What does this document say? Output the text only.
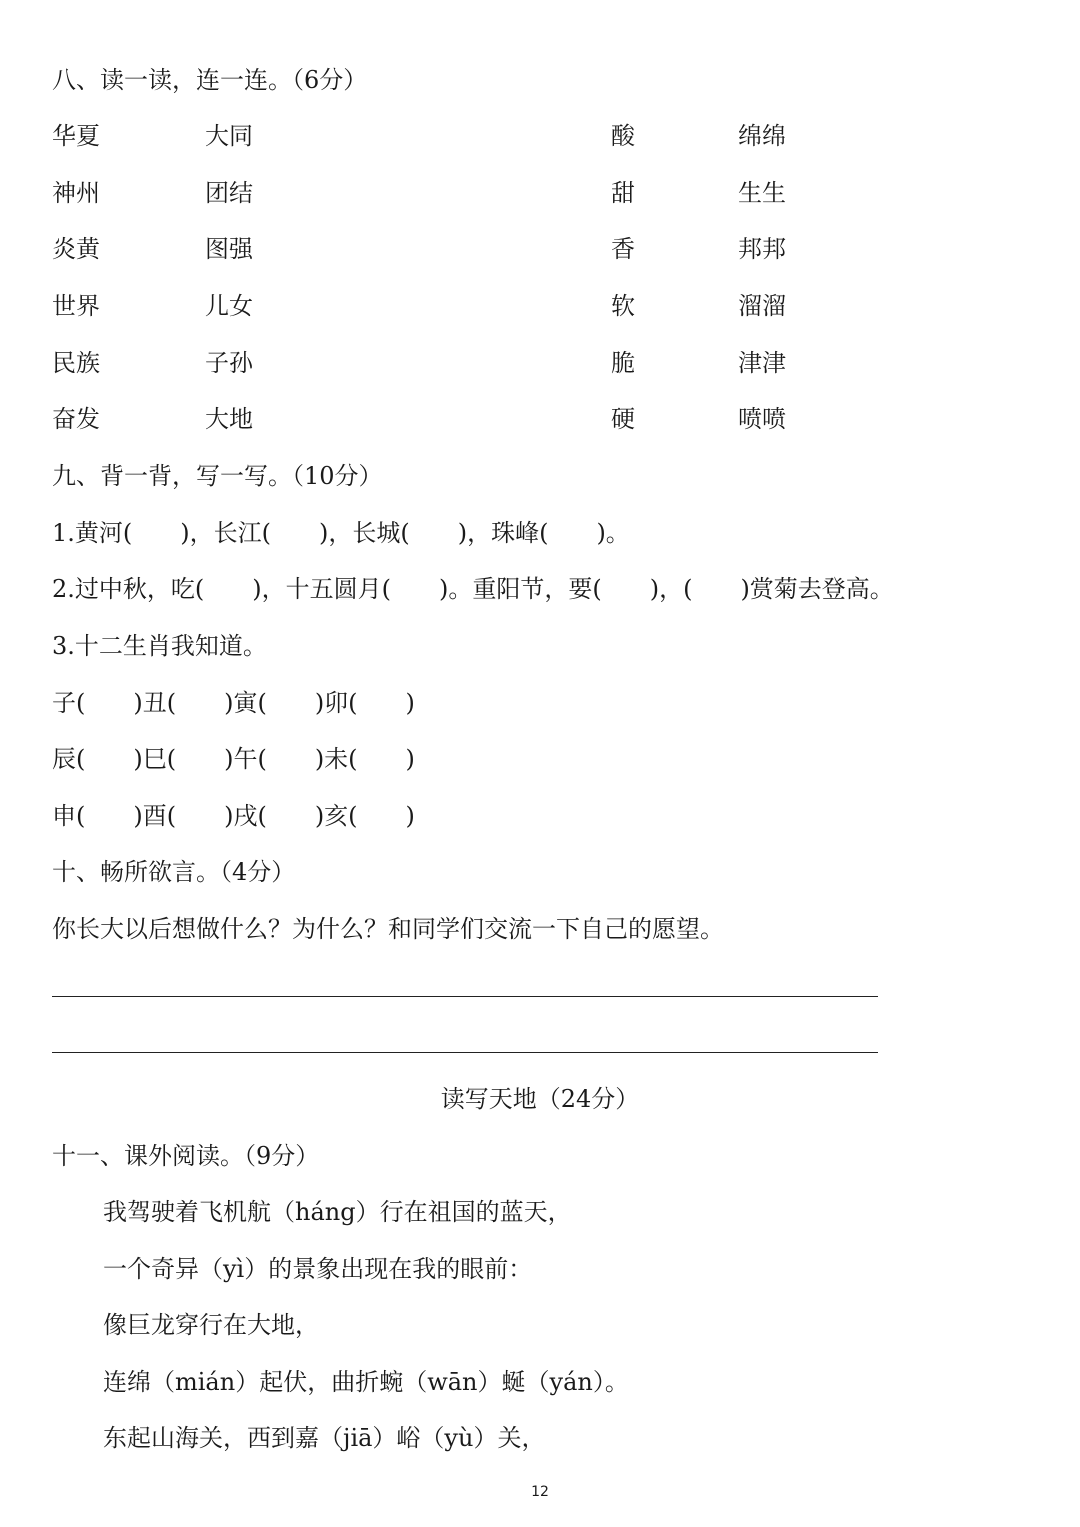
八、读一读，连一连。（6分）
华夏
神州
炎黄
世界
民族
奋发
大同
团结
图强
儿女
子孙
大地
酸
甜
香
软
脆
硬
绵绵
生生
邦邦
溜溜
津津
喷喷
九、背一背，写一写。（10分）
1.黄河(　　)，长江(　　)，长城(　　)，珠峰(　　)。
2.过中秋，吃(　　)，十五圆月(　　)。重阳节，要(　　)，(　　)赏菊去登高。
3.十二生肖我知道。
子(　　)丑(　　)寅(　　)卯(　　)
辰(　　)巳(　　)午(　　)未(　　)
申(　　)酉(　　)戌(　　)亥(　　)
十、畅所欲言。（4分）
你长大以后想做什么？为什么？和同学们交流一下自己的愿望。
读写天地（24分）
十一、课外阅读。（9分）
我驾驶着飞机航（háng）行在祖国的蓝天，
一个奇异（yì）的景象出现在我的眼前：
像巨龙穿行在大地，
连绵（mián）起伏，曲折蜿（wān）蜒（yán）。
东起山海关，西到嘉（jiā）峪（yù）关，
12
